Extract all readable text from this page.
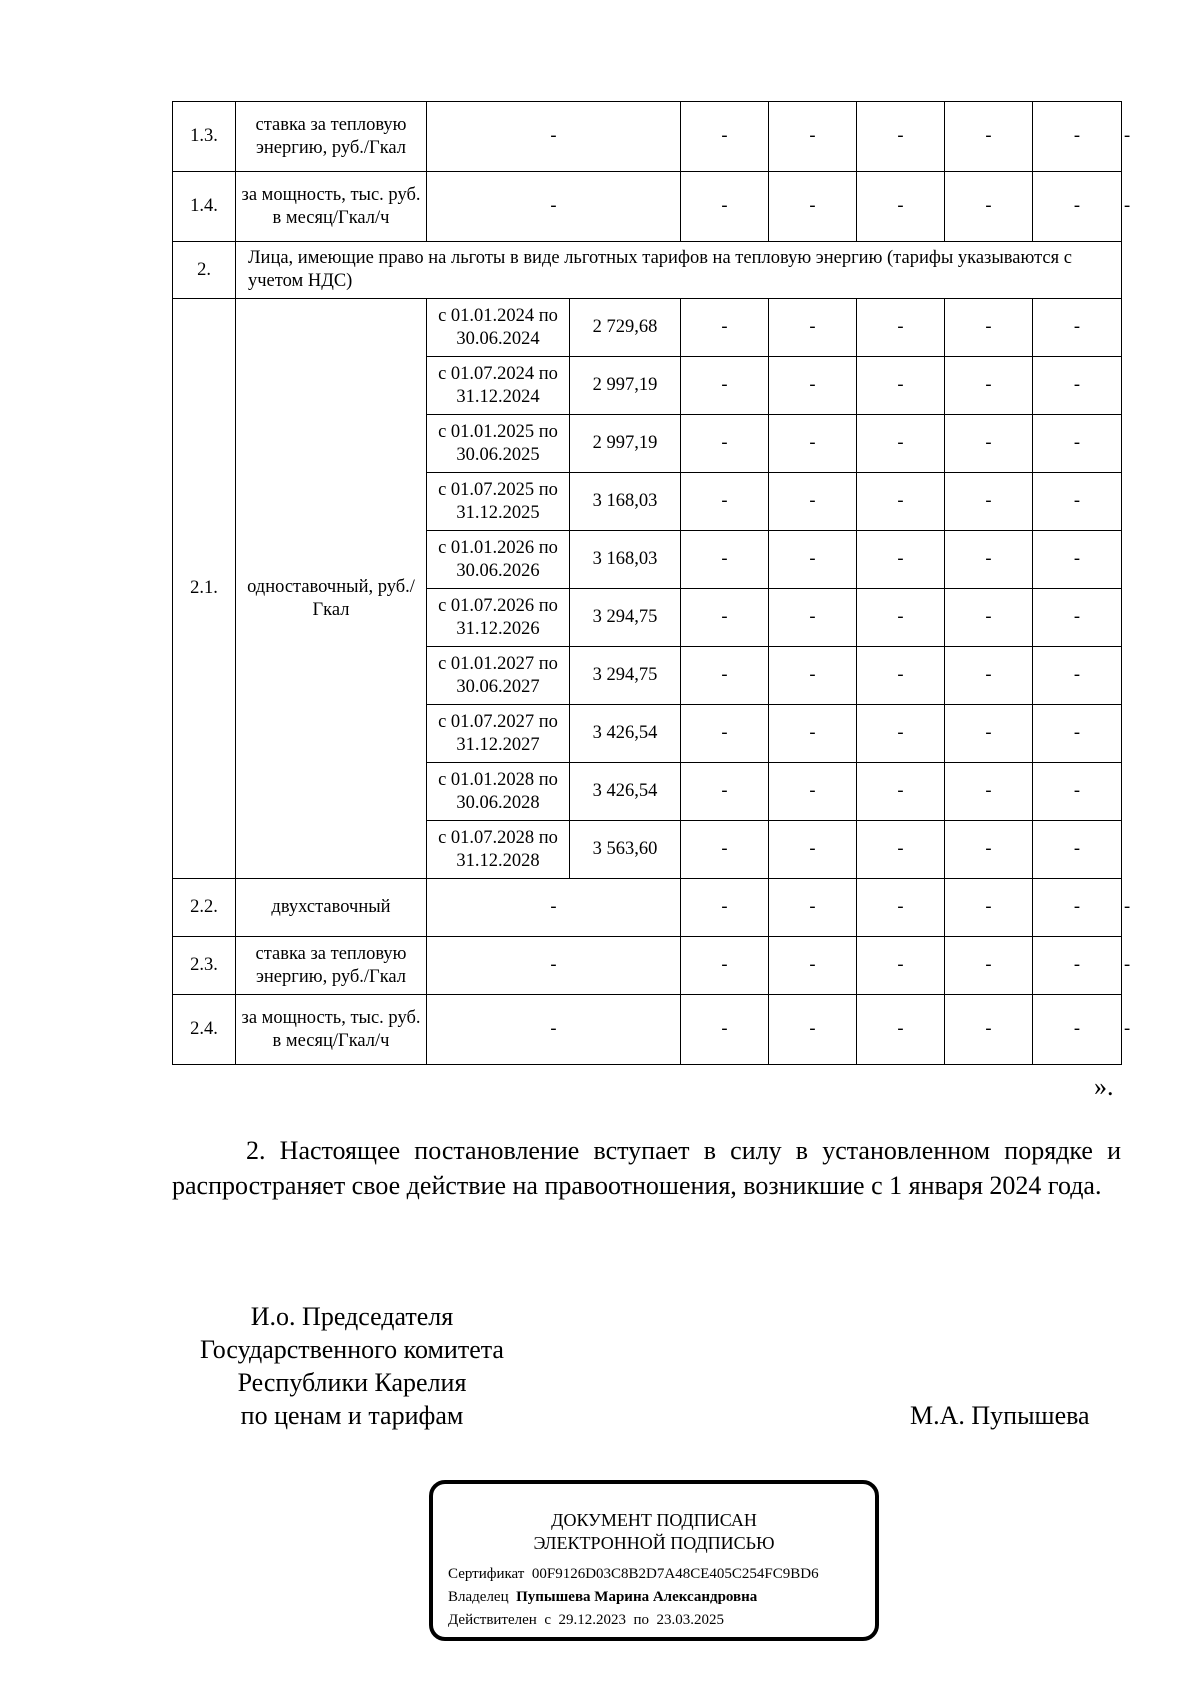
1.3.	ставка за тепловую энергию, руб./Гкал	-		-	-	-	-	-	-
1.4.	за мощность, тыс. руб. в месяц/Гкал/ч	-		-	-	-	-	-	-
2.	Лица, имеющие право на льготы в виде льготных тарифов на тепловую энергию (тарифы указываются с учетом НДС)								
2.1.	одноставочный, руб./Гкал	с 01.01.2024 по 30.06.2024	2 729,68	-	-	-	-	-	
		с 01.07.2024 по 31.12.2024	2 997,19	-	-	-	-	-	
		с 01.01.2025 по 30.06.2025	2 997,19	-	-	-	-	-	
		с 01.07.2025 по 31.12.2025	3 168,03	-	-	-	-	-	
		с 01.01.2026 по 30.06.2026	3 168,03	-	-	-	-	-	
		с 01.07.2026 по 31.12.2026	3 294,75	-	-	-	-	-	
		с 01.01.2027 по 30.06.2027	3 294,75	-	-	-	-	-	
		с 01.07.2027 по 31.12.2027	3 426,54	-	-	-	-	-	
		с 01.01.2028 по 30.06.2028	3 426,54	-	-	-	-	-	
		с 01.07.2028 по 31.12.2028	3 563,60	-	-	-	-	-	
2.2.	двухставочный	-		-	-	-	-	-	-
2.3.	ставка за тепловую энергию, руб./Гкал	-		-	-	-	-	-	-
2.4.	за мощность, тыс. руб. в месяц/Гкал/ч	-		-	-	-	-	-	-
».

2. Настоящее постановление вступает в силу в установленном порядке и распространяет свое действие на правоотношения, возникшие с 1 января 2024 года.

И.о. Председателя
Государственного комитета
Республики Карелия
по ценам и тарифам	М.А. Пупышева
ДОКУМЕНТ ПОДПИСАН
ЭЛЕКТРОННОЙ ПОДПИСЬЮ
Сертификат 00F9126D03C8B2D7A48CE405C254FC9BD6
Владелец Пупышева Марина Александровна
Действителен с 29.12.2023 по 23.03.2025
